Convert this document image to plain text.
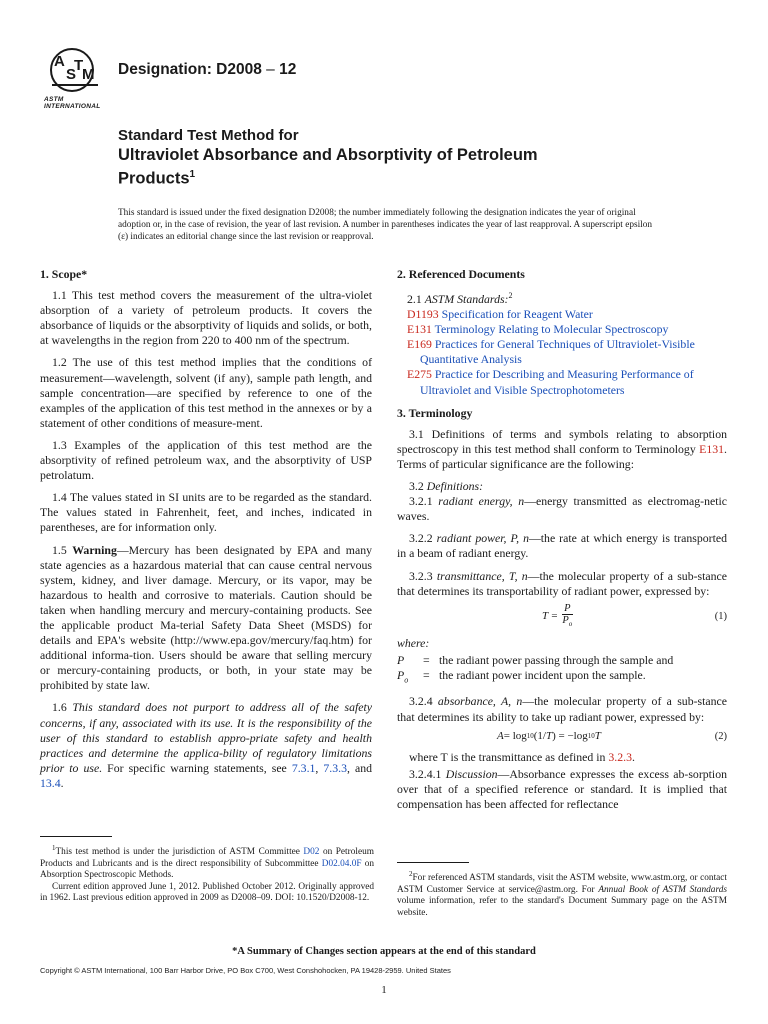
A
S
T
M
ASTM INTERNATIONAL
Designation: D2008 – 12
Standard Test Method for
Ultraviolet Absorbance and Absorptivity of Petroleum
Products$^1$
This standard is issued under the fixed designation D2008; the number immediately following the designation indicates the year of original adoption or, in the case of revision, the year of last revision. A number in parentheses indicates the year of last reapproval. A superscript epsilon (ε) indicates an editorial change since the last revision or reapproval.
1. Scope*

1.1 This test method covers the measurement of the ultra-violet absorption of a variety of petroleum products. It covers the absorbance of liquids or the absorptivity of liquids and solids, or both, at wavelengths in the region from 220 to 400 nm of the spectrum.

1.2 The use of this test method implies that the conditions of measurement—wavelength, solvent (if any), sample path length, and sample concentration—are specified by reference to one of the examples of the application of this test method in the annexes or by a statement of other conditions of measure-ment.

1.3 Examples of the application of this test method are the absorptivity of refined petroleum wax, and the absorptivity of USP petrolatum.

1.4 The values stated in SI units are to be regarded as the standard. The values stated in Fahrenheit, feet, and inches, indicated in parentheses, are for information only.

1.5 Warning—Mercury has been designated by EPA and many state agencies as a hazardous material that can cause central nervous system, kidney, and liver damage. Mercury, or its vapor, may be hazardous to health and corrosive to materials. Caution should be taken when handling mercury and mercury-containing products. See the applicable product Ma-terial Safety Data Sheet (MSDS) for details and EPA's website (http://www.epa.gov/mercury/faq.htm) for additional informa-tion. Users should be aware that selling mercury or mercury-containing products, or both, in your state may be prohibited by state law.

1.6 This standard does not purport to address all of the safety concerns, if any, associated with its use. It is the responsibility of the user of this standard to establish appro-priate safety and health practices and determine the applica-bility of regulatory limitations prior to use. For specific warning statements, see 7.3.1, 7.3.3, and 13.4.

2. Referenced Documents

2.1 ASTM Standards:$^2$

D1193 Specification for Reagent Water
E131 Terminology Relating to Molecular Spectroscopy
E169 Practices for General Techniques of Ultraviolet-Visible Quantitative Analysis
E275 Practice for Describing and Measuring Performance of Ultraviolet and Visible Spectrophotometers
3. Terminology

3.1 Definitions of terms and symbols relating to absorption spectroscopy in this test method shall conform to Terminology E131. Terms of particular significance are the following:

3.2 Definitions:

3.2.1 radiant energy, n—energy transmitted as electromag-netic waves.

3.2.2 radiant power, P, n—the rate at which energy is transported in a beam of radiant energy.

3.2.3 transmittance, T, n—the molecular property of a sub-stance that determines its transportability of radiant power, expressed by:

$T = \frac{P}{P_o}$	(1)
where:
P	= the radiant power passing through the sample and
$P_o$	= the radiant power incident upon the sample.

3.2.4 absorbance, A, n—the molecular property of a sub-stance that determines its ability to take up radiant power, expressed by:

A = log 10 (1/ T ) = −log 10 T	(2)

where T is the transmittance as defined in 3.2.3.

3.2.4.1 Discussion—Absorbance expresses the excess ab-sorption over that of a specified reference or standard. It is implied that compensation has been affected for reflectance

$^1$This test method is under the jurisdiction of ASTM Committee D02 on Petroleum Products and Lubricants and is the direct responsibility of Subcommittee D02.04.0F on Absorption Spectroscopic Methods.

Current edition approved June 1, 2012. Published October 2012. Originally approved in 1962. Last previous edition approved in 2009 as D2008–09. DOI: 10.1520/D2008-12.

$^2$For referenced ASTM standards, visit the ASTM website, www.astm.org, or contact ASTM Customer Service at service@astm.org. For Annual Book of ASTM Standards volume information, refer to the standard's Document Summary page on the ASTM website.

*A Summary of Changes section appears at the end of this standard
Copyright © ASTM International, 100 Barr Harbor Drive, PO Box C700, West Conshohocken, PA 19428-2959. United States
1
